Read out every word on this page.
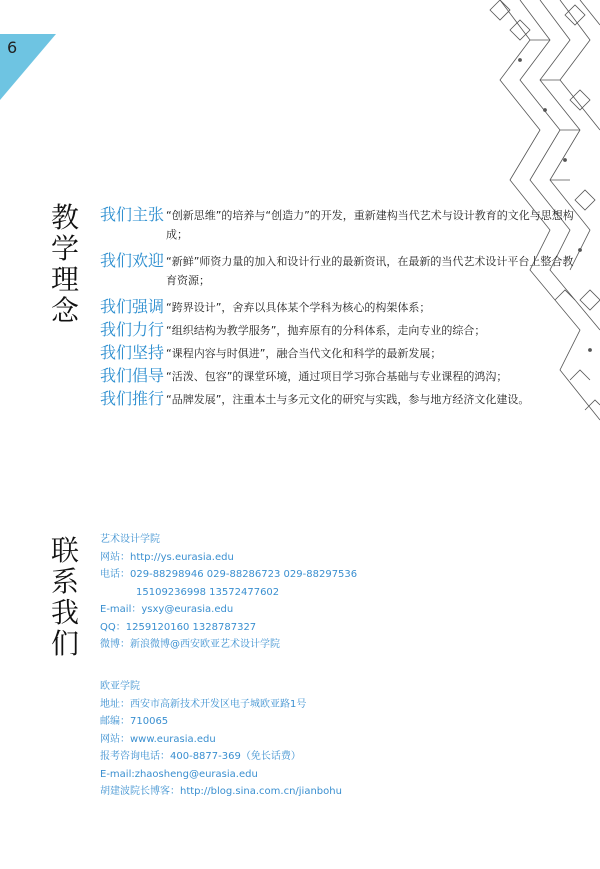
6
教
学
理
念
我们主张 “创新思维”的培养与“创造力”的开发，重新建构当代艺术与设计教育的文化与思想构成；
我们欢迎 “新鲜”师资力量的加入和设计行业的最新资讯，在最新的当代艺术设计平台上整合教育资源；
我们强调 “跨界设计”，舍弃以具体某个学科为核心的构架体系；
我们力行 “组织结构为教学服务”，抛弃原有的分科体系，走向专业的综合；
我们坚持 “课程内容与时俱进”，融合当代文化和科学的最新发展；
我们倡导 “活泼、包容”的课堂环境，通过项目学习弥合基础与专业课程的鸿沟；
我们推行 “品牌发展”，注重本土与多元文化的研究与实践，参与地方经济文化建设。
联
系
我
们
艺术设计学院
网站：http://ys.eurasia.edu
电话：029-88298946 029-88286723 029-88297536
15109236998 13572477602
E-mail：ysxy@eurasia.edu
QQ：1259120160 1328787327
微博：新浪微博@西安欧亚艺术设计学院
欧亚学院
地址：西安市高新技术开发区电子城欧亚路1号
邮编：710065
网站：www.eurasia.edu
报考咨询电话：400-8877-369（免长话费）
E-mail:zhaosheng@eurasia.edu
胡建波院长博客：http://blog.sina.com.cn/jianbohu
